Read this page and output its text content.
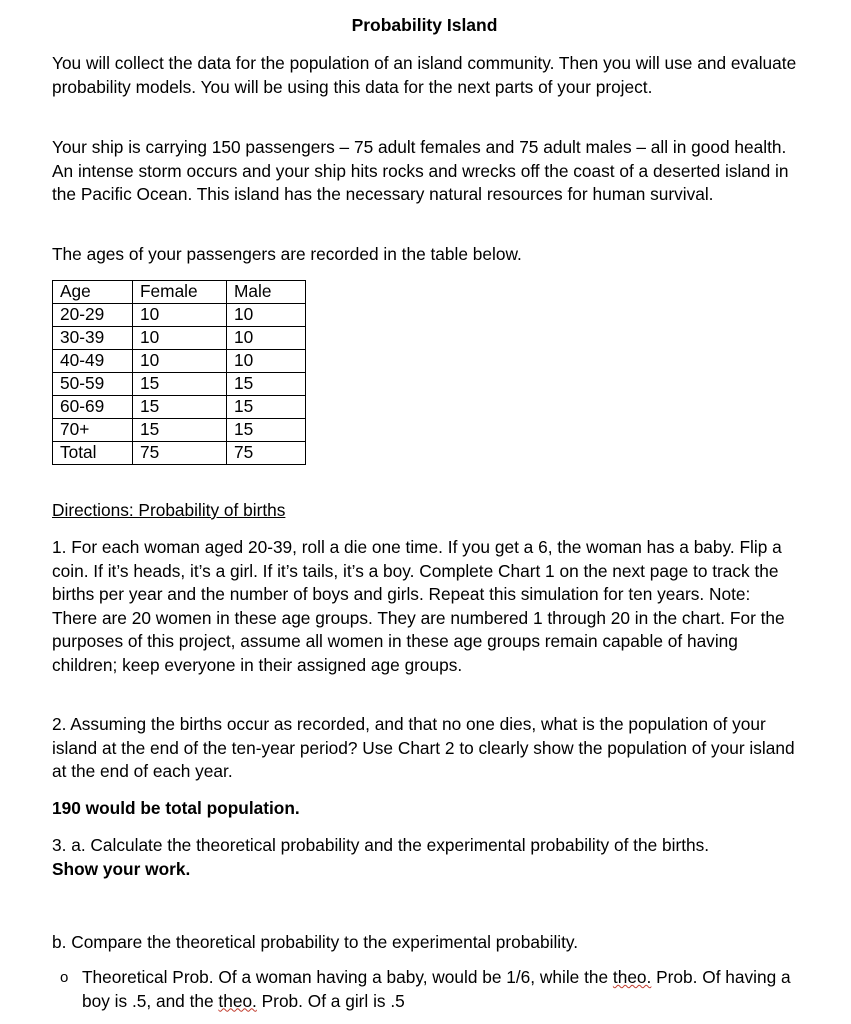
Probability Island

You will collect the data for the population of an island community. Then you will use and evaluate probability models. You will be using this data for the next parts of your project.

Your ship is carrying 150 passengers – 75 adult females and 75 adult males – all in good health. An intense storm occurs and your ship hits rocks and wrecks off the coast of a deserted island in the Pacific Ocean. This island has the necessary natural resources for human survival.

The ages of your passengers are recorded in the table below.

Age	Female	Male
20-29	10	10
30-39	10	10
40-49	10	10
50-59	15	15
60-69	15	15
70+	15	15
Total	75	75

Directions: Probability of births

1. For each woman aged 20-39, roll a die one time. If you get a 6, the woman has a baby. Flip a coin. If it’s heads, it’s a girl. If it’s tails, it’s a boy. Complete Chart 1 on the next page to track the births per year and the number of boys and girls. Repeat this simulation for ten years. Note: There are 20 women in these age groups. They are numbered 1 through 20 in the chart. For the purposes of this project, assume all women in these age groups remain capable of having children; keep everyone in their assigned age groups.

2. Assuming the births occur as recorded, and that no one dies, what is the population of your island at the end of the ten-year period? Use Chart 2 to clearly show the population of your island at the end of each year.

190 would be total population.

3. a. Calculate the theoretical probability and the experimental probability of the births.
Show your work.

b. Compare the theoretical probability to the experimental probability.

o Theoretical Prob. Of a woman having a baby, would be 1/6, while the theo. Prob. Of having a boy is .5, and the theo. Prob. Of a girl is .5
